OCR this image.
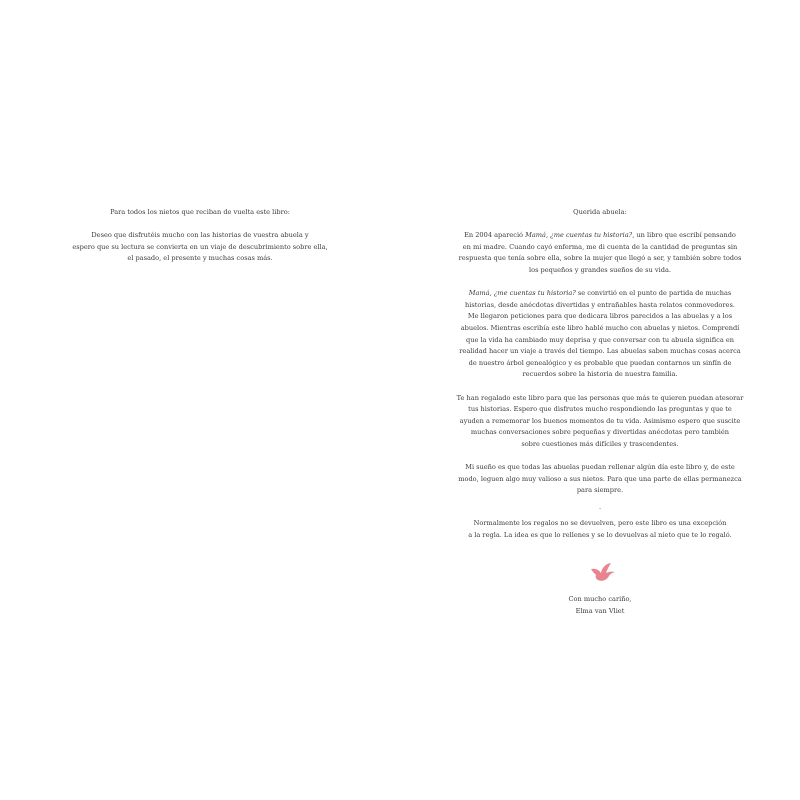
Para todos los nietos que reciban de vuelta este libro:

Deseo que disfrutéis mucho con las historias de vuestra abuela y

espero que su lectura se convierta en un viaje de descubrimiento sobre ella,

el pasado, el presente y muchas cosas más.

Querida abuela:

En 2004 apareció Mamá, ¿me cuentas tu historia?, un libro que escribí pensando

en mi madre. Cuando cayó enferma, me di cuenta de la cantidad de preguntas sin

respuesta que tenía sobre ella, sobre la mujer que llegó a ser, y también sobre todos

los pequeños y grandes sueños de su vida.

Mamá, ¿me cuentas tu historia? se convirtió en el punto de partida de muchas

historias, desde anécdotas divertidas y entrañables hasta relatos conmovedores.

Me llegaron peticiones para que dedicara libros parecidos a las abuelas y a los

abuelos. Mientras escribía este libro hablé mucho con abuelas y nietos. Comprendí

que la vida ha cambiado muy deprisa y que conversar con tu abuela significa en

realidad hacer un viaje a través del tiempo. Las abuelas saben muchas cosas acerca

de nuestro árbol genealógico y es probable que puedan contarnos un sinfín de

recuerdos sobre la historia de nuestra familia.

Te han regalado este libro para que las personas que más te quieren puedan atesorar

tus historias. Espero que disfrutes mucho respondiendo las preguntas y que te

ayuden a rememorar los buenos momentos de tu vida. Asimismo espero que suscite

muchas conversaciones sobre pequeñas y divertidas anécdotas pero también

sobre cuestiones más difíciles y trascendentes.

Mi sueño es que todas las abuelas puedan rellenar algún día este libro y, de este

modo, leguen algo muy valioso a sus nietos. Para que una parte de ellas permanezca

para siempre.

.

Normalmente los regalos no se devuelven, pero este libro es una excepción

a la regla. La idea es que lo rellenes y se lo devuelvas al nieto que te lo regaló.

Con mucho cariño,

Elma van Vliet
